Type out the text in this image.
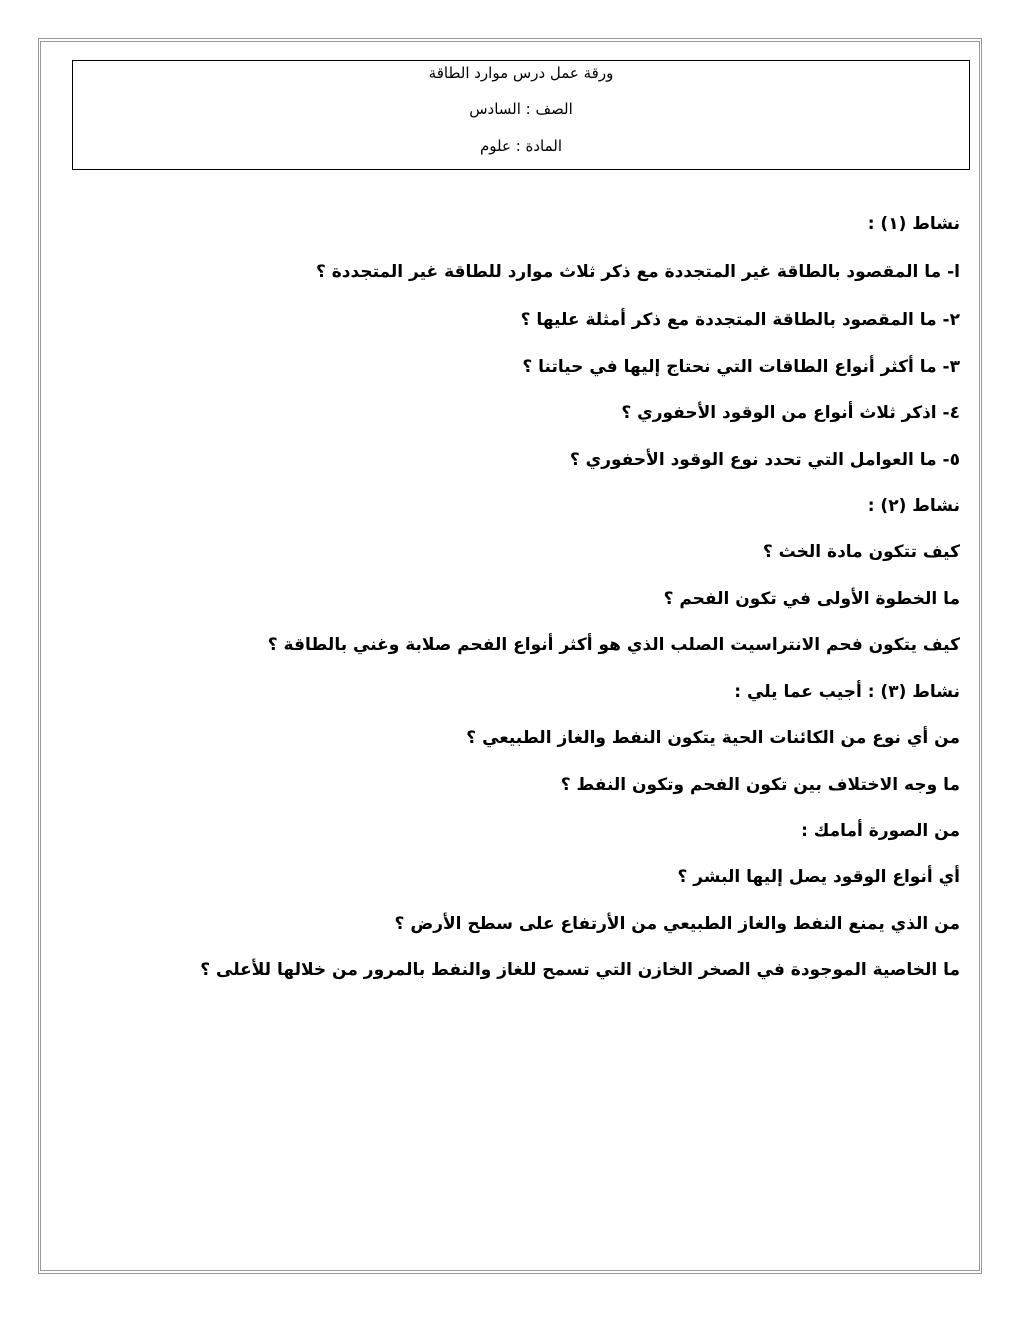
ورقة عمل درس موارد الطاقة
الصف : السادس
المادة : علوم
نشاط (١) :
ا- ما المقصود بالطاقة غير المتجددة مع ذكر ثلاث موارد للطاقة غير المتجددة ؟
٢- ما المقصود بالطاقة المتجددة مع ذكر أمثلة عليها ؟
٣- ما أكثر أنواع الطاقات التي نحتاج إليها في حياتنا ؟
٤- اذكر ثلاث أنواع من الوقود الأحفوري ؟
٥- ما العوامل التي تحدد نوع الوقود الأحفوري ؟
نشاط (٢) :
كيف تتكون مادة الخث ؟
ما الخطوة الأولى في تكون الفحم ؟
كيف يتكون فحم الانتراسيت الصلب الذي هو أكثر أنواع الفحم صلابة وغني بالطاقة ؟
نشاط (٣) : أجيب عما يلي :
من أي نوع من الكائنات الحية يتكون النفط والغاز الطبيعي ؟
ما وجه الاختلاف بين تكون الفحم وتكون النفط ؟
من الصورة أمامك :
أي أنواع الوقود يصل إليها البشر ؟
من الذي يمنع النفط والغاز الطبيعي من الأرتفاع على سطح الأرض ؟
ما الخاصية الموجودة في الصخر الخازن التي تسمح للغاز والنفط بالمرور من خلالها للأعلى ؟
